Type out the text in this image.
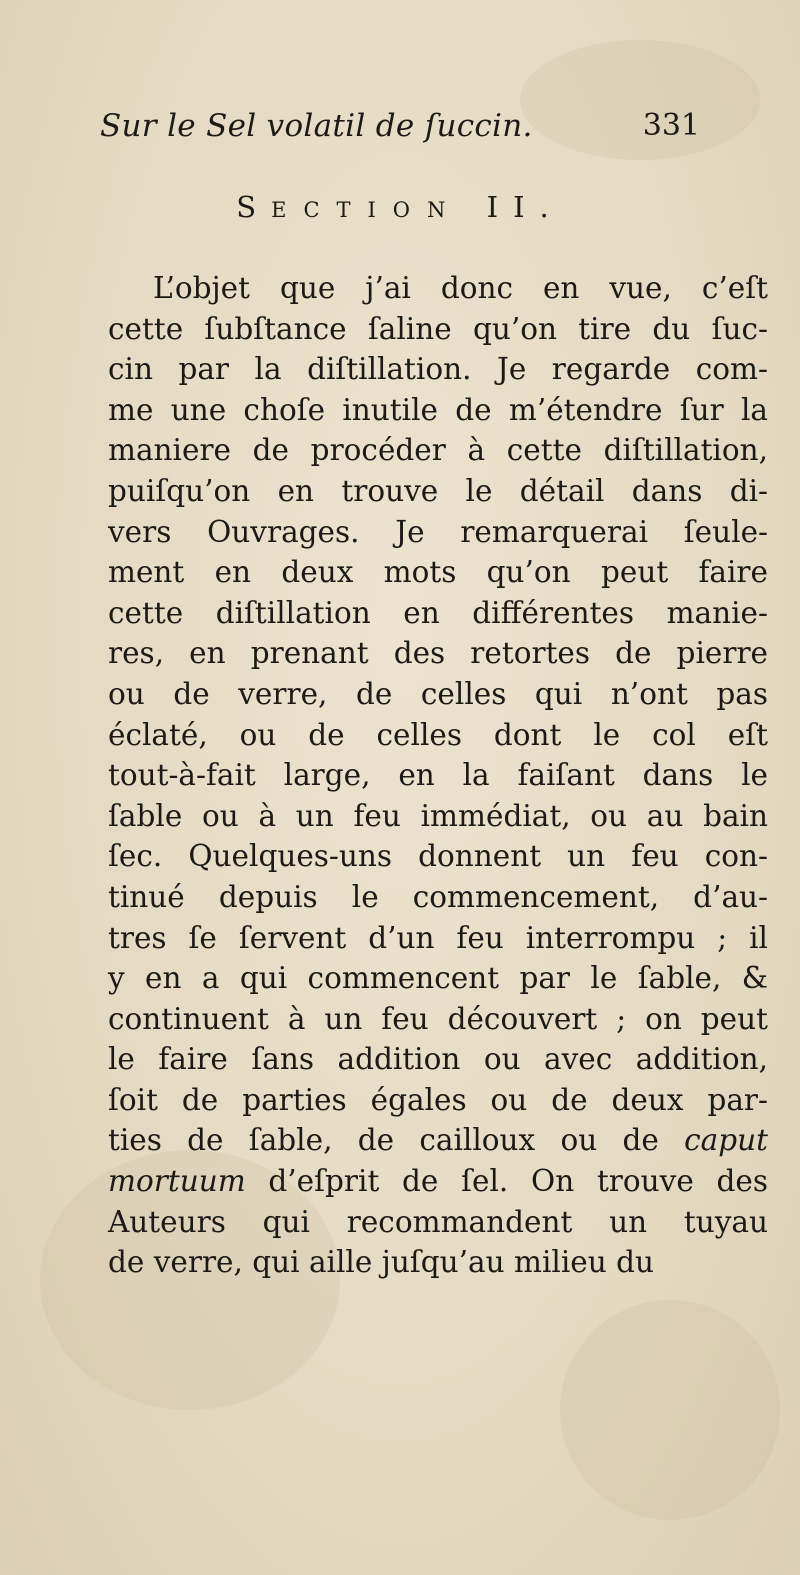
Sur le Sel volatil de ſuccin.	331
SECTION II.
L’objet que j’ai donc en vue, c’eſt
cette ſubſtance ſaline qu’on tire du ſuc-
cin par la diſtillation. Je regarde com-
me une choſe inutile de m’étendre ſur la
maniere de procéder à cette diſtillation,
puiſqu’on en trouve le détail dans di-
vers Ouvrages. Je remarquerai ſeule-
ment en deux mots qu’on peut faire
cette diſtillation en différentes manie-
res, en prenant des retortes de pierre
ou de verre, de celles qui n’ont pas
éclaté, ou de celles dont le col eſt
tout-à-fait large, en la faiſant dans le
ſable ou à un feu immédiat, ou au bain
ſec. Quelques-uns donnent un feu con-
tinué depuis le commencement, d’au-
tres ſe ſervent d’un feu interrompu ; il
y en a qui commencent par le ſable, &
continuent à un feu découvert ; on peut
le faire ſans addition ou avec addition,
ſoit de parties égales ou de deux par-
ties de ſable, de cailloux ou de caput
mortuum d’eſprit de ſel. On trouve des
Auteurs qui recommandent un tuyau
de verre, qui aille juſqu’au milieu du
